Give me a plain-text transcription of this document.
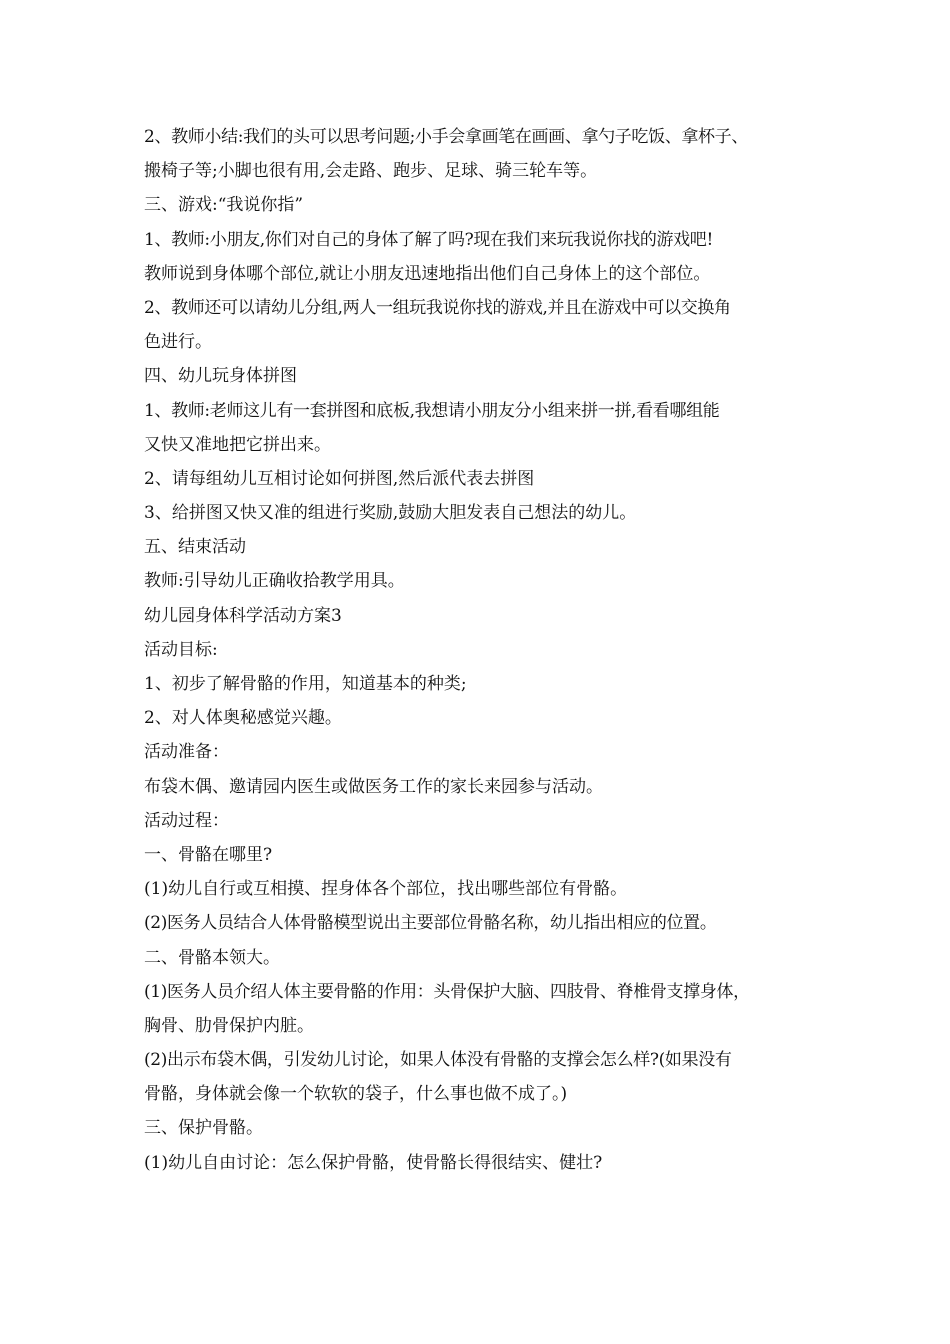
2、教师小结:我们的头可以思考问题;小手会拿画笔在画画、拿勺子吃饭、拿杯子、
搬椅子等;小脚也很有用,会走路、跑步、足球、骑三轮车等。
三、游戏:“我说你指”
1、教师:小朋友,你们对自己的身体了解了吗?现在我们来玩我说你找的游戏吧!
教师说到身体哪个部位,就让小朋友迅速地指出他们自己身体上的这个部位。
2、教师还可以请幼儿分组,两人一组玩我说你找的游戏,并且在游戏中可以交换角
色进行。
四、幼儿玩身体拼图
1、教师:老师这儿有一套拼图和底板,我想请小朋友分小组来拼一拼,看看哪组能
又快又准地把它拼出来。
2、请每组幼儿互相讨论如何拼图,然后派代表去拼图
3、给拼图又快又准的组进行奖励,鼓励大胆发表自己想法的幼儿。
五、结束活动
教师:引导幼儿正确收拾教学用具。
幼儿园身体科学活动方案3
活动目标:
1、初步了解骨骼的作用，知道基本的种类;
2、对人体奥秘感觉兴趣。
活动准备：
布袋木偶、邀请园内医生或做医务工作的家长来园参与活动。
活动过程：
一、骨骼在哪里?
(1)幼儿自行或互相摸、捏身体各个部位，找出哪些部位有骨骼。
(2)医务人员结合人体骨骼模型说出主要部位骨骼名称，幼儿指出相应的位置。
二、骨骼本领大。
(1)医务人员介绍人体主要骨骼的作用：头骨保护大脑、四肢骨、脊椎骨支撑身体，
胸骨、肋骨保护内脏。
(2)出示布袋木偶，引发幼儿讨论，如果人体没有骨骼的支撑会怎么样?(如果没有
骨骼，身体就会像一个软软的袋子，什么事也做不成了。)
三、保护骨骼。
(1)幼儿自由讨论：怎么保护骨骼，使骨骼长得很结实、健壮?
